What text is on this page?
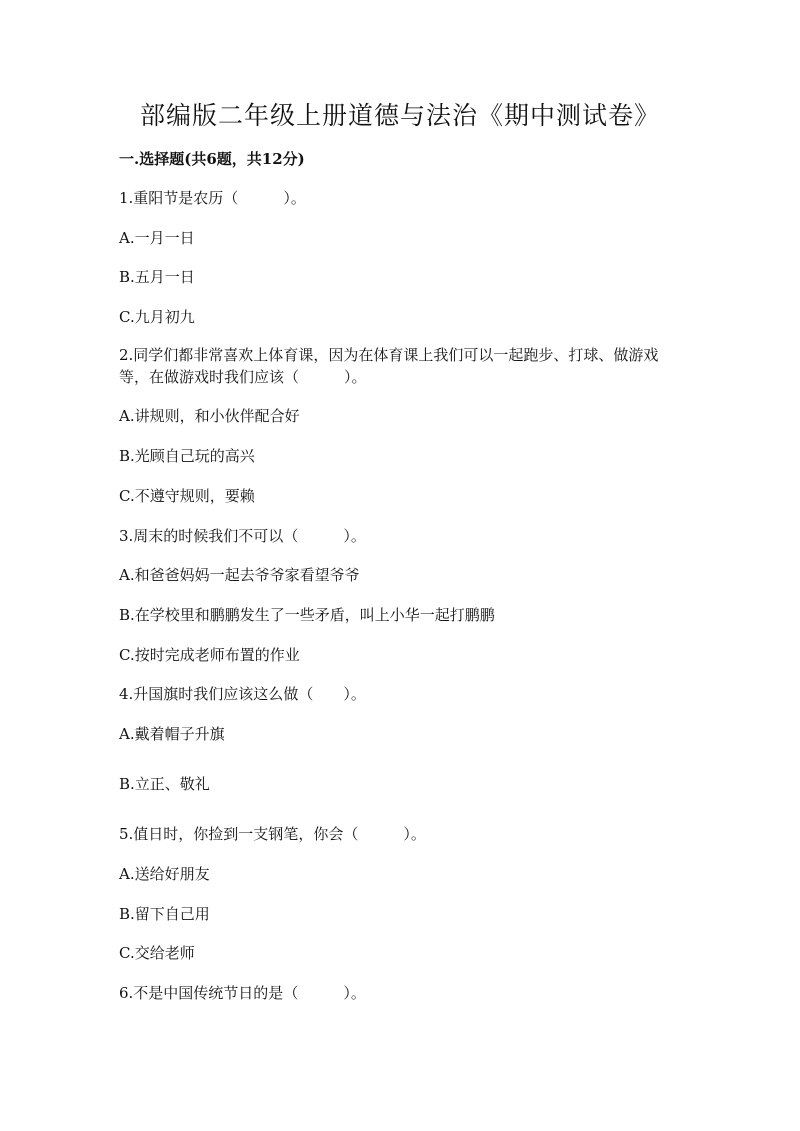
部编版二年级上册道德与法治《期中测试卷》
一.选择题(共6题，共12分)
1.重阳节是农历（　　　）。
A.一月一日
B.五月一日
C.九月初九
2.同学们都非常喜欢上体育课，因为在体育课上我们可以一起跑步、打球、做游戏等，在做游戏时我们应该（　　　）。
A.讲规则，和小伙伴配合好
B.光顾自己玩的高兴
C.不遵守规则，要赖
3.周末的时候我们不可以（　　　）。
A.和爸爸妈妈一起去爷爷家看望爷爷
B.在学校里和鹏鹏发生了一些矛盾，叫上小华一起打鹏鹏
C.按时完成老师布置的作业
4.升国旗时我们应该这么做（　　）。
A.戴着帽子升旗
B.立正、敬礼
5.值日时，你捡到一支钢笔，你会（　　　）。
A.送给好朋友
B.留下自己用
C.交给老师
6.不是中国传统节日的是（　　　）。
